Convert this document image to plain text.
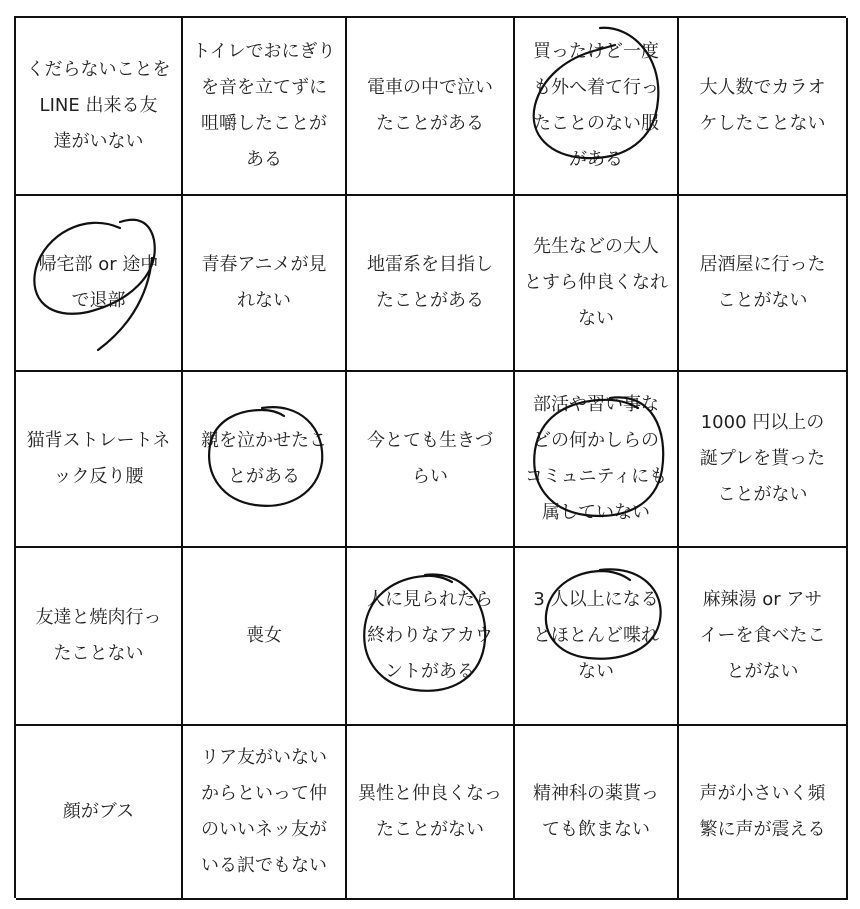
くだらないことを
LINE 出来る友
達がいない
トイレでおにぎり
を音を立てずに
咀嚼したことが
ある
電車の中で泣い
たことがある
買ったけど一度
も外へ着て行っ
たことのない服
がある
大人数でカラオ
ケしたことない
帰宅部 or 途中
で退部
青春アニメが見
れない
地雷系を目指し
たことがある
先生などの大人
とすら仲良くなれ
ない
居酒屋に行った
ことがない
猫背ストレートネ
ック反り腰
親を泣かせたこ
とがある
今とても生きづ
らい
部活や習い事な
どの何かしらの
コミュニティにも
属していない
1000 円以上の
誕プレを貰った
ことがない
友達と焼肉行っ
たことない
喪女
人に見られたら
終わりなアカウ
ントがある
3 人以上になる
とほとんど喋れ
ない
麻辣湯 or アサ
イーを食べたこ
とがない
顔がブス
リア友がいない
からといって仲
のいいネッ友が
いる訳でもない
異性と仲良くなっ
たことがない
精神科の薬貰っ
ても飲まない
声が小さいく頻
繁に声が震える
